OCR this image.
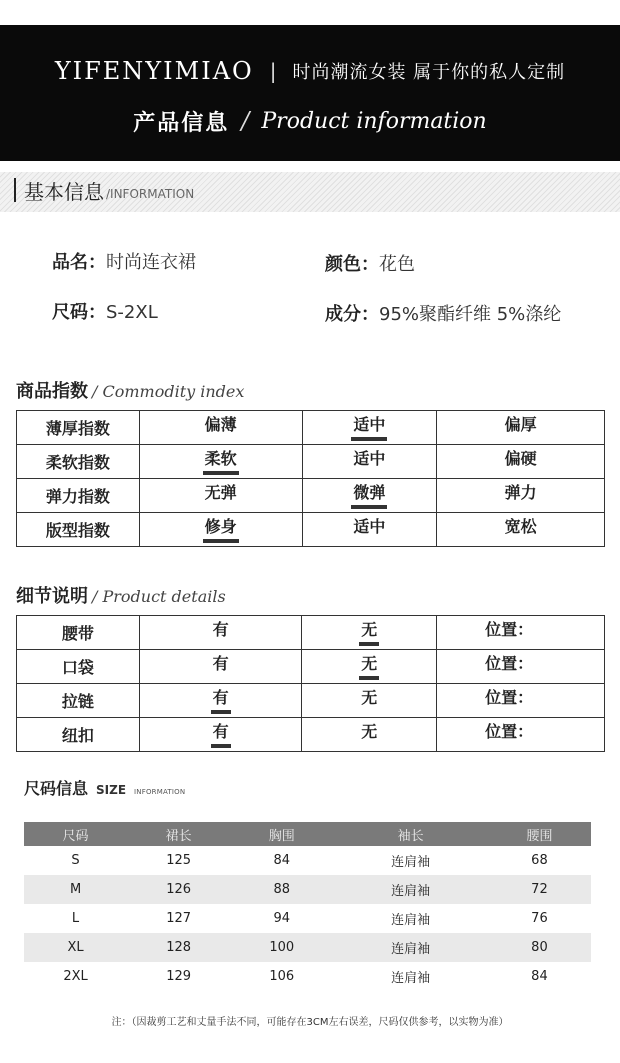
YIFENYIMIAO | 时尚潮流女装 属于你的私人定制
产品信息 / Product information
基本信息 /INFORMATION
品名：时尚连衣裙	颜色：花色
尺码：S-2XL	成分：95%聚酯纤维 5%涤纶
商品指数 / Commodity index
薄厚指数	偏薄	适中	偏厚
柔软指数	柔软	适中	偏硬
弹力指数	无弹	微弹	弹力
版型指数	修身	适中	宽松
细节说明 / Product details
腰带	有	无	位置：
口袋	有	无	位置：
拉链	有	无	位置：
纽扣	有	无	位置：
尺码信息 SIZE INFORMATION
尺码	裙长	胸围	袖长	腰围
S	125	84	连肩袖	68
M	126	88	连肩袖	72
L	127	94	连肩袖	76
XL	128	100	连肩袖	80
2XL	129	106	连肩袖	84
注：（因裁剪工艺和丈量手法不同，可能存在3CM左右误差，尺码仅供参考，以实物为准）
